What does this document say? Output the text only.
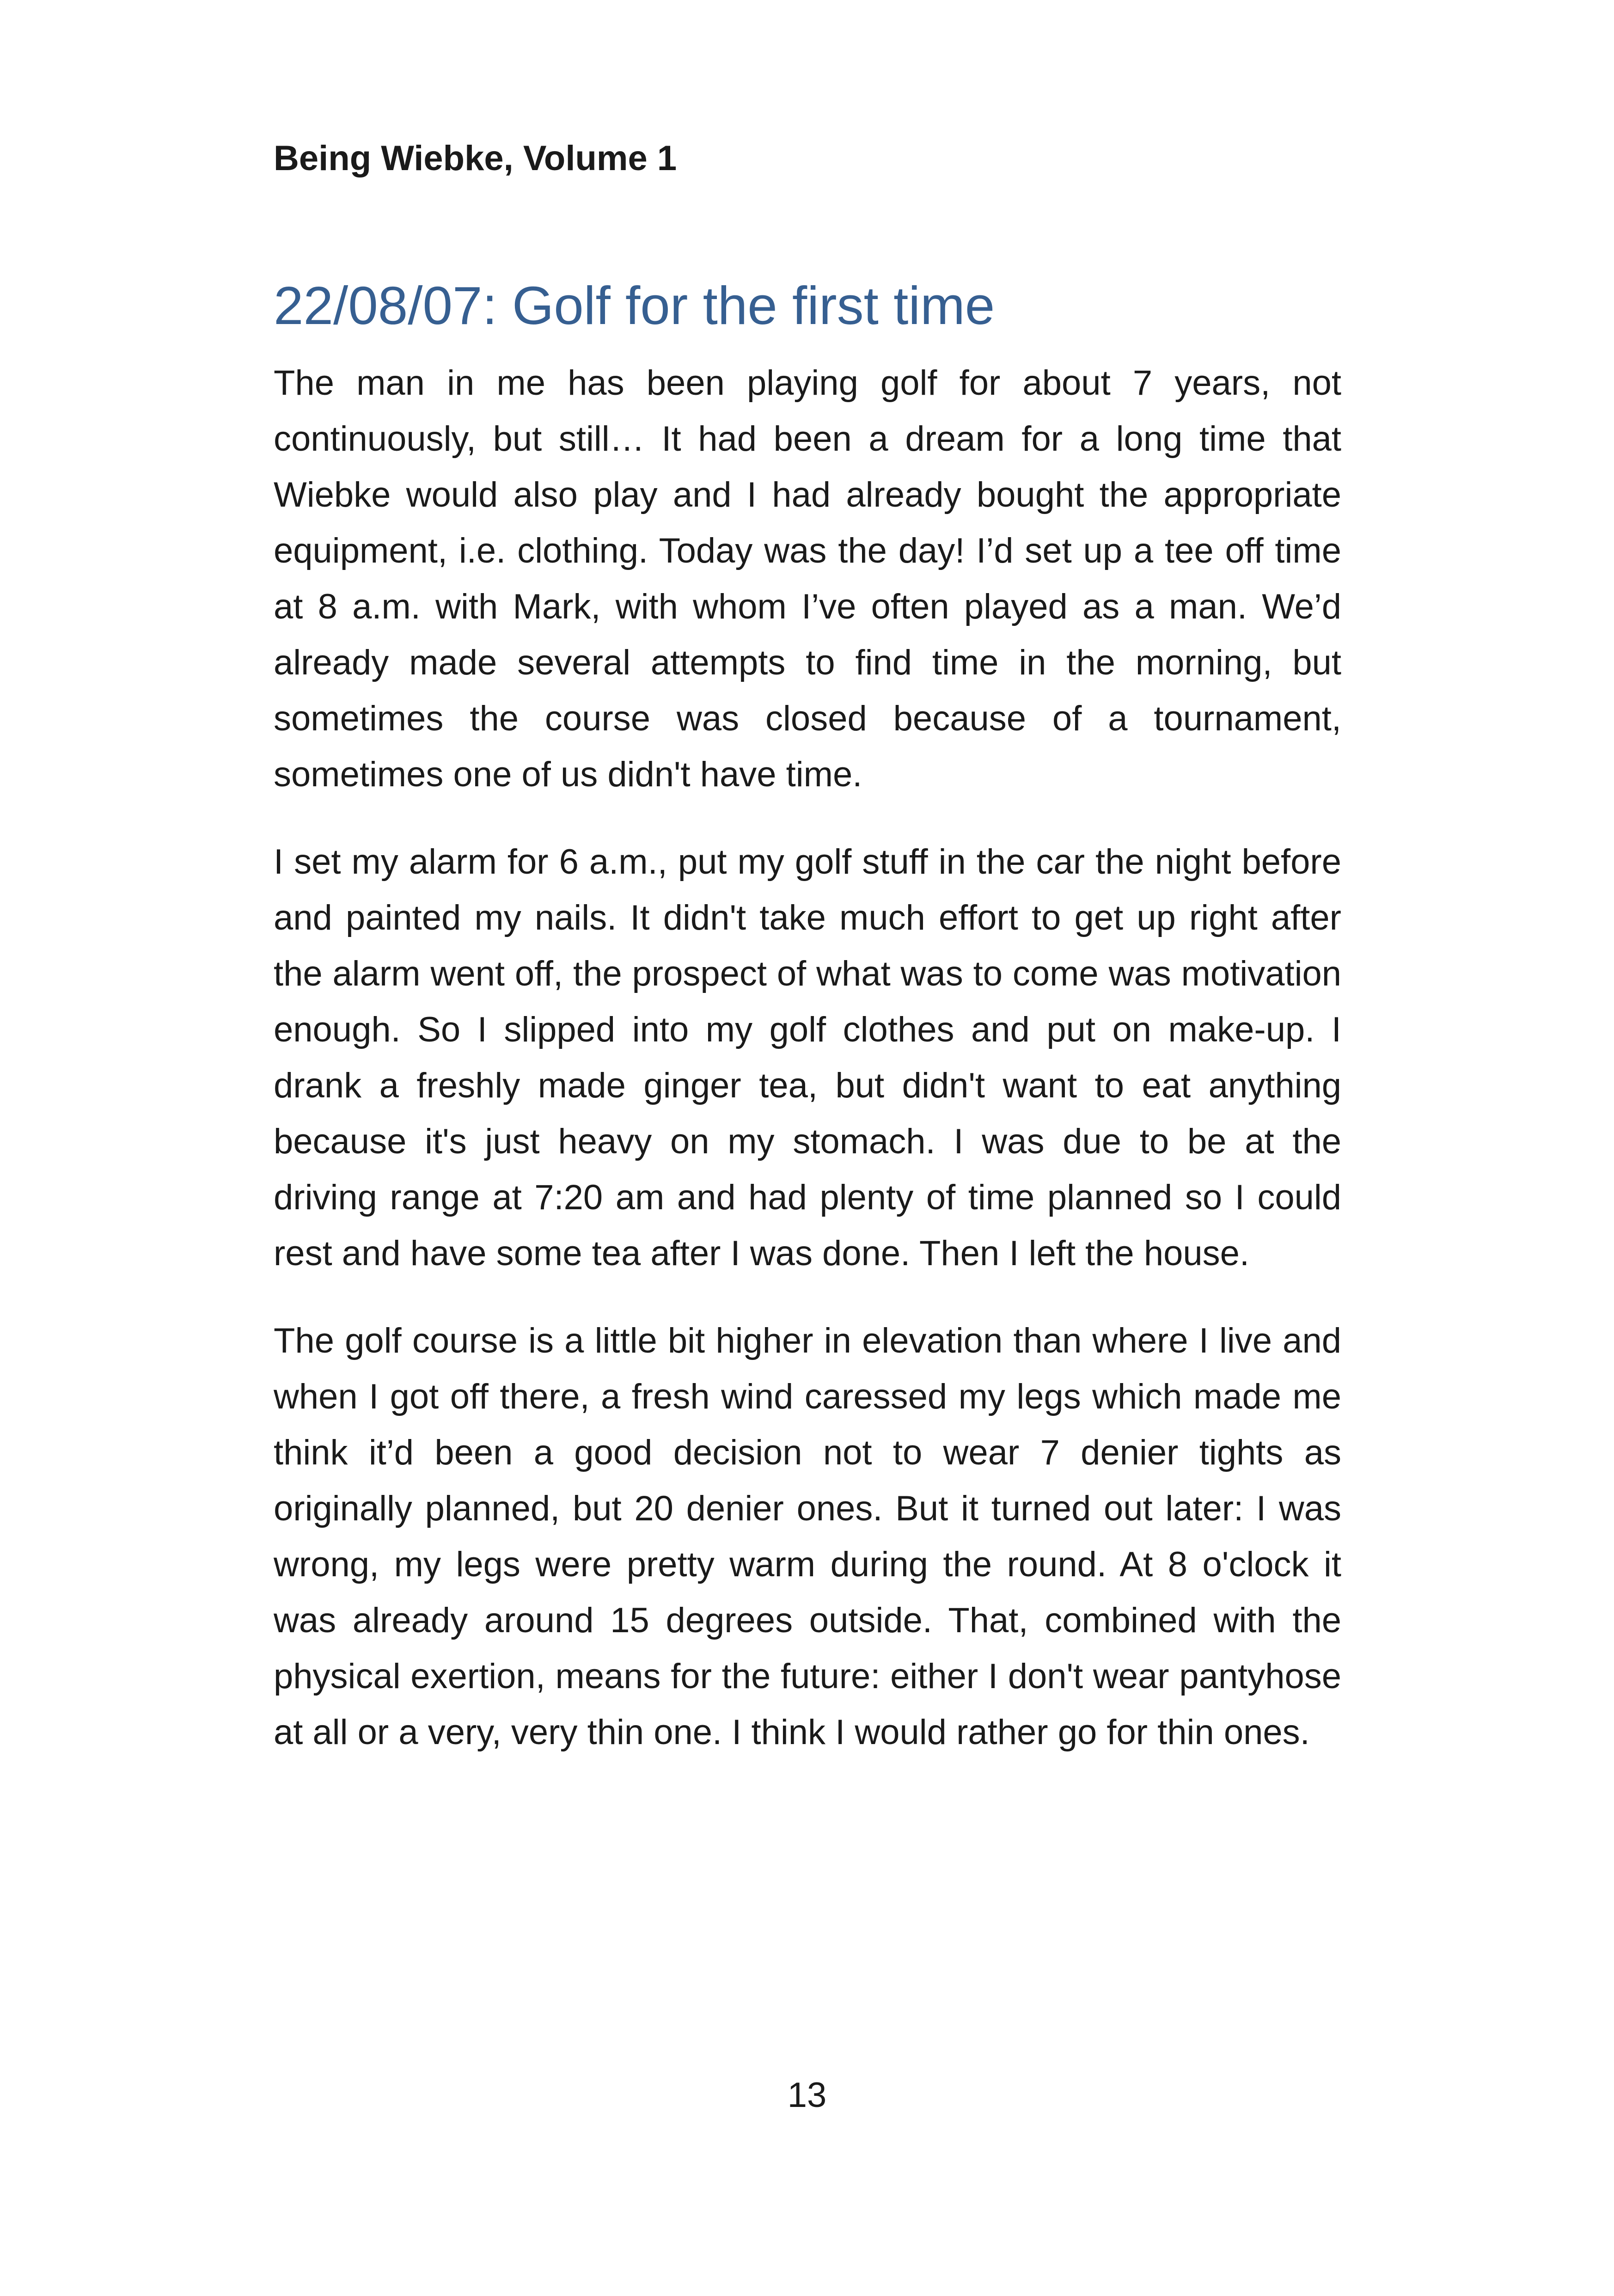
Being Wiebke, Volume 1
22/08/07: Golf for the first time

The man in me has been playing golf for about 7 years, not continuously, but still… It had been a dream for a long time that Wiebke would also play and I had already bought the appropriate equipment, i.e. clothing. Today was the day! I’d set up a tee off time at 8 a.m. with Mark, with whom I’ve often played as a man. We’d already made several attempts to find time in the morning, but sometimes the course was closed because of a tournament, sometimes one of us didn't have time.

I set my alarm for 6 a.m., put my golf stuff in the car the night before and painted my nails. It didn't take much effort to get up right after the alarm went off, the prospect of what was to come was motivation enough. So I slipped into my golf clothes and put on make-up. I drank a freshly made ginger tea, but didn't want to eat anything because it's just heavy on my stomach. I was due to be at the driving range at 7:20 am and had plenty of time planned so I could rest and have some tea after I was done. Then I left the house.

The golf course is a little bit higher in elevation than where I live and when I got off there, a fresh wind caressed my legs which made me think it’d been a good decision not to wear 7 denier tights as originally planned, but 20 denier ones. But it turned out later: I was wrong, my legs were pretty warm during the round. At 8 o'clock it was already around 15 degrees outside. That, combined with the physical exertion, means for the future: either I don't wear pantyhose at all or a very, very thin one. I think I would rather go for thin ones.

13
